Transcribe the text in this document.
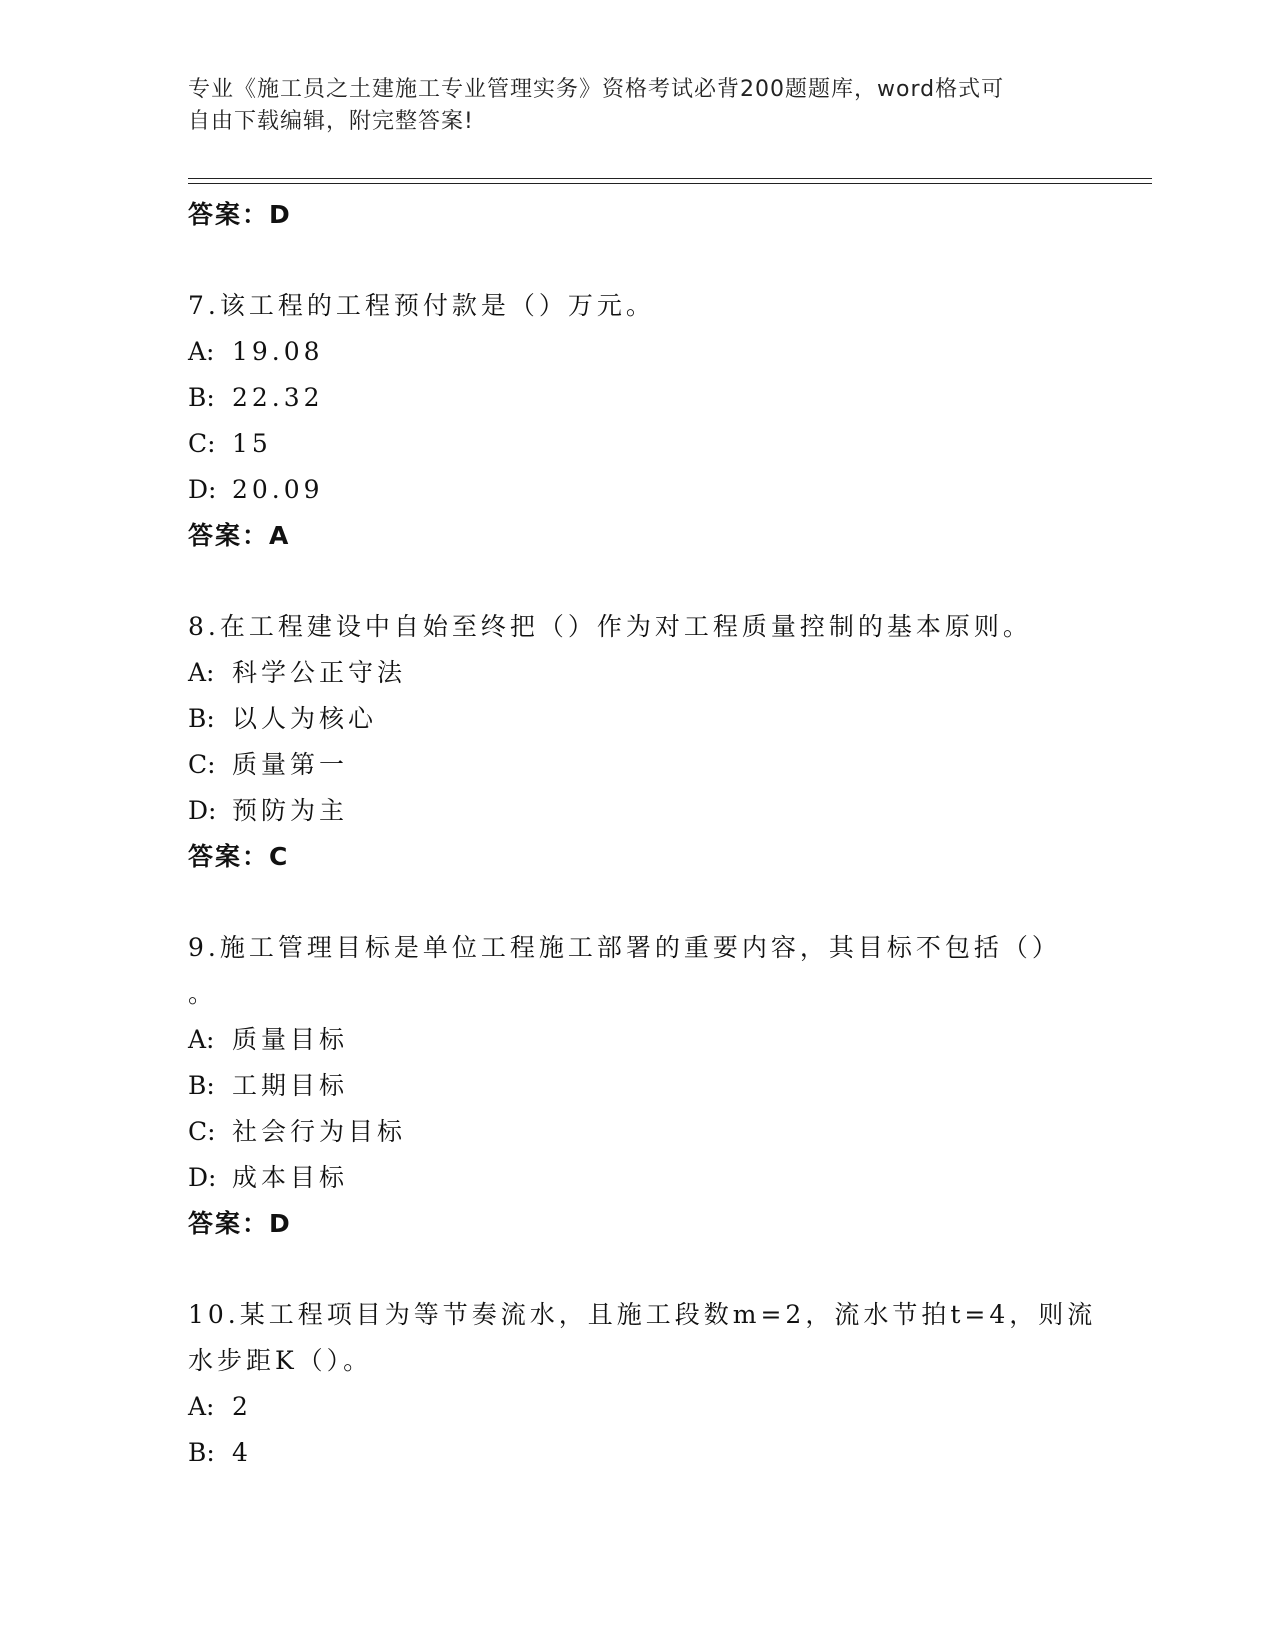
专业《施工员之土建施工专业管理实务》资格考试必背200题题库，word格式可
自由下载编辑，附完整答案!
答案：D
7.该工程的工程预付款是（）万元。
A: 19.08
B: 22.32
C: 15
D: 20.09
答案：A
8.在工程建设中自始至终把（）作为对工程质量控制的基本原则。
A: 科学公正守法
B: 以人为核心
C: 质量第一
D: 预防为主
答案：C
9.施工管理目标是单位工程施工部署的重要内容，其目标不包括（）
。
A: 质量目标
B: 工期目标
C: 社会行为目标
D: 成本目标
答案：D
10.某工程项目为等节奏流水，且施工段数m=2，流水节拍t=4，则流
水步距K（）。
A: 2
B: 4
